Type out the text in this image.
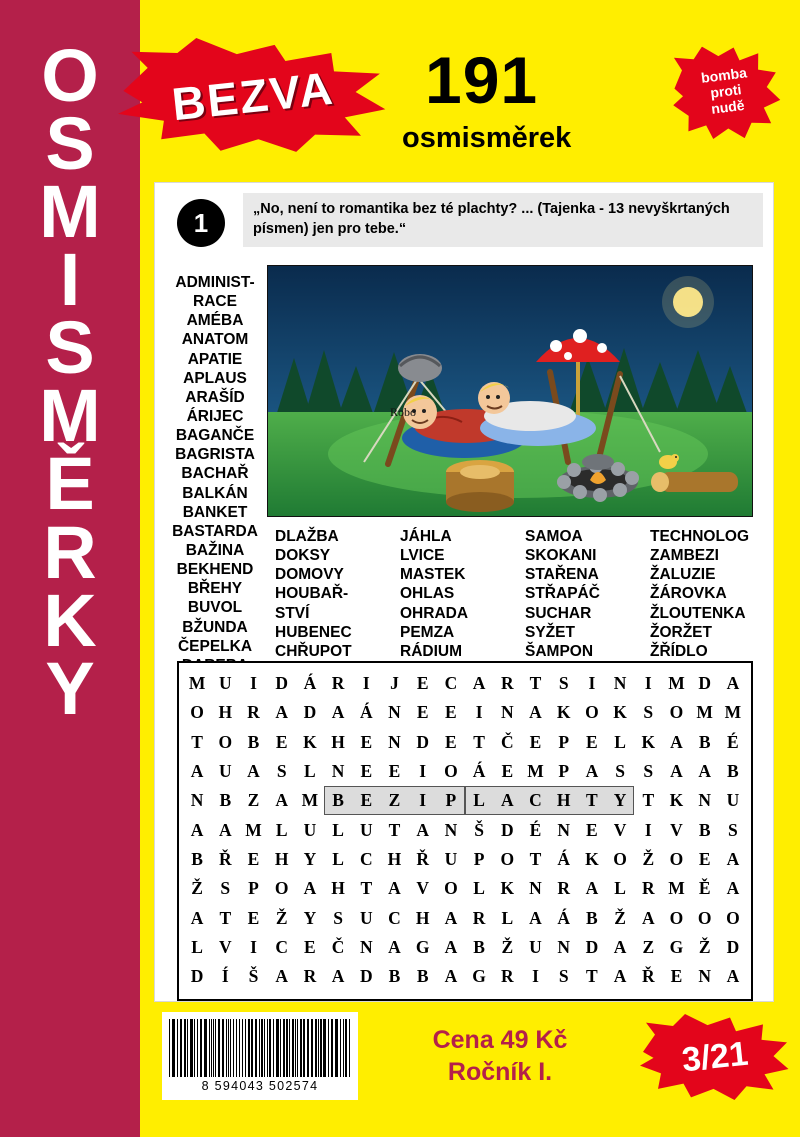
O
S
M
I
S
M
Ě
R
K
Y
BEZVA	191
osmisměrek
bomba
proti
nudě
1	„No, není to romantika bez té plachty? ... (Tajenka - 13 nevyškrtaných písmen) jen pro tebe.“
Robo
ADMINIST-
RACE
AMÉBA
ANATOM
APATIE
APLAUS
ARAŠÍD
ÁRIJEC
BAGANČE
BAGRISTA
BACHAŘ
BALKÁN
BANKET
BASTARDA
BAŽINA
BEKHEND
BŘEHY
BUVOL
BŽUNDA
ČEPELKA
DLAŽBA
DOKSY
DOMOVY
HOUBAŘ-
STVÍ
HUBENEC
CHŘUPOT
JÁHLA
LVICE
MASTEK
OHLAS
OHRADA
PEMZA
RÁDIUM
SAMOA
SKOKANI
STAŘENA
STŘAPÁČ
SUCHAR
SYŽET
ŠAMPON
TECHNOLOG
ZAMBEZI
ŽALUZIE
ŽÁROVKA
ŽLOUTENKA
ŽORŽET
ŽŘÍDLO
M U	I	D Á R	I	J	E C A R T	S	I	N	I M D A
O H R A D A Á N E E	I	N A K O K S O M M
T O B E K H E N D E T Č E P E L K A B É
A U A S L N E E	I	O Á E M P A S	S A A B
N B Z A M B E Z	I	P L A C H T Y T K N U
A A M L U L U T A N Š D É N E V	I	V B	S
B Ř E H Y L C H Ř U P O T Á K O Ž O E A
Ž S	P O A H T A V O L K N R A L R M Ě A
A T E Ž Y S U C H A R L A Á B Ž A O O O
L V	I	C E Č N A G A B Ž U N D A Z G Ž D
D	Í	Š A R A D B B A G R	I	S T A Ř E N A
8 594043 502574
Cena 49 Kč
Ročník I.	3/21
